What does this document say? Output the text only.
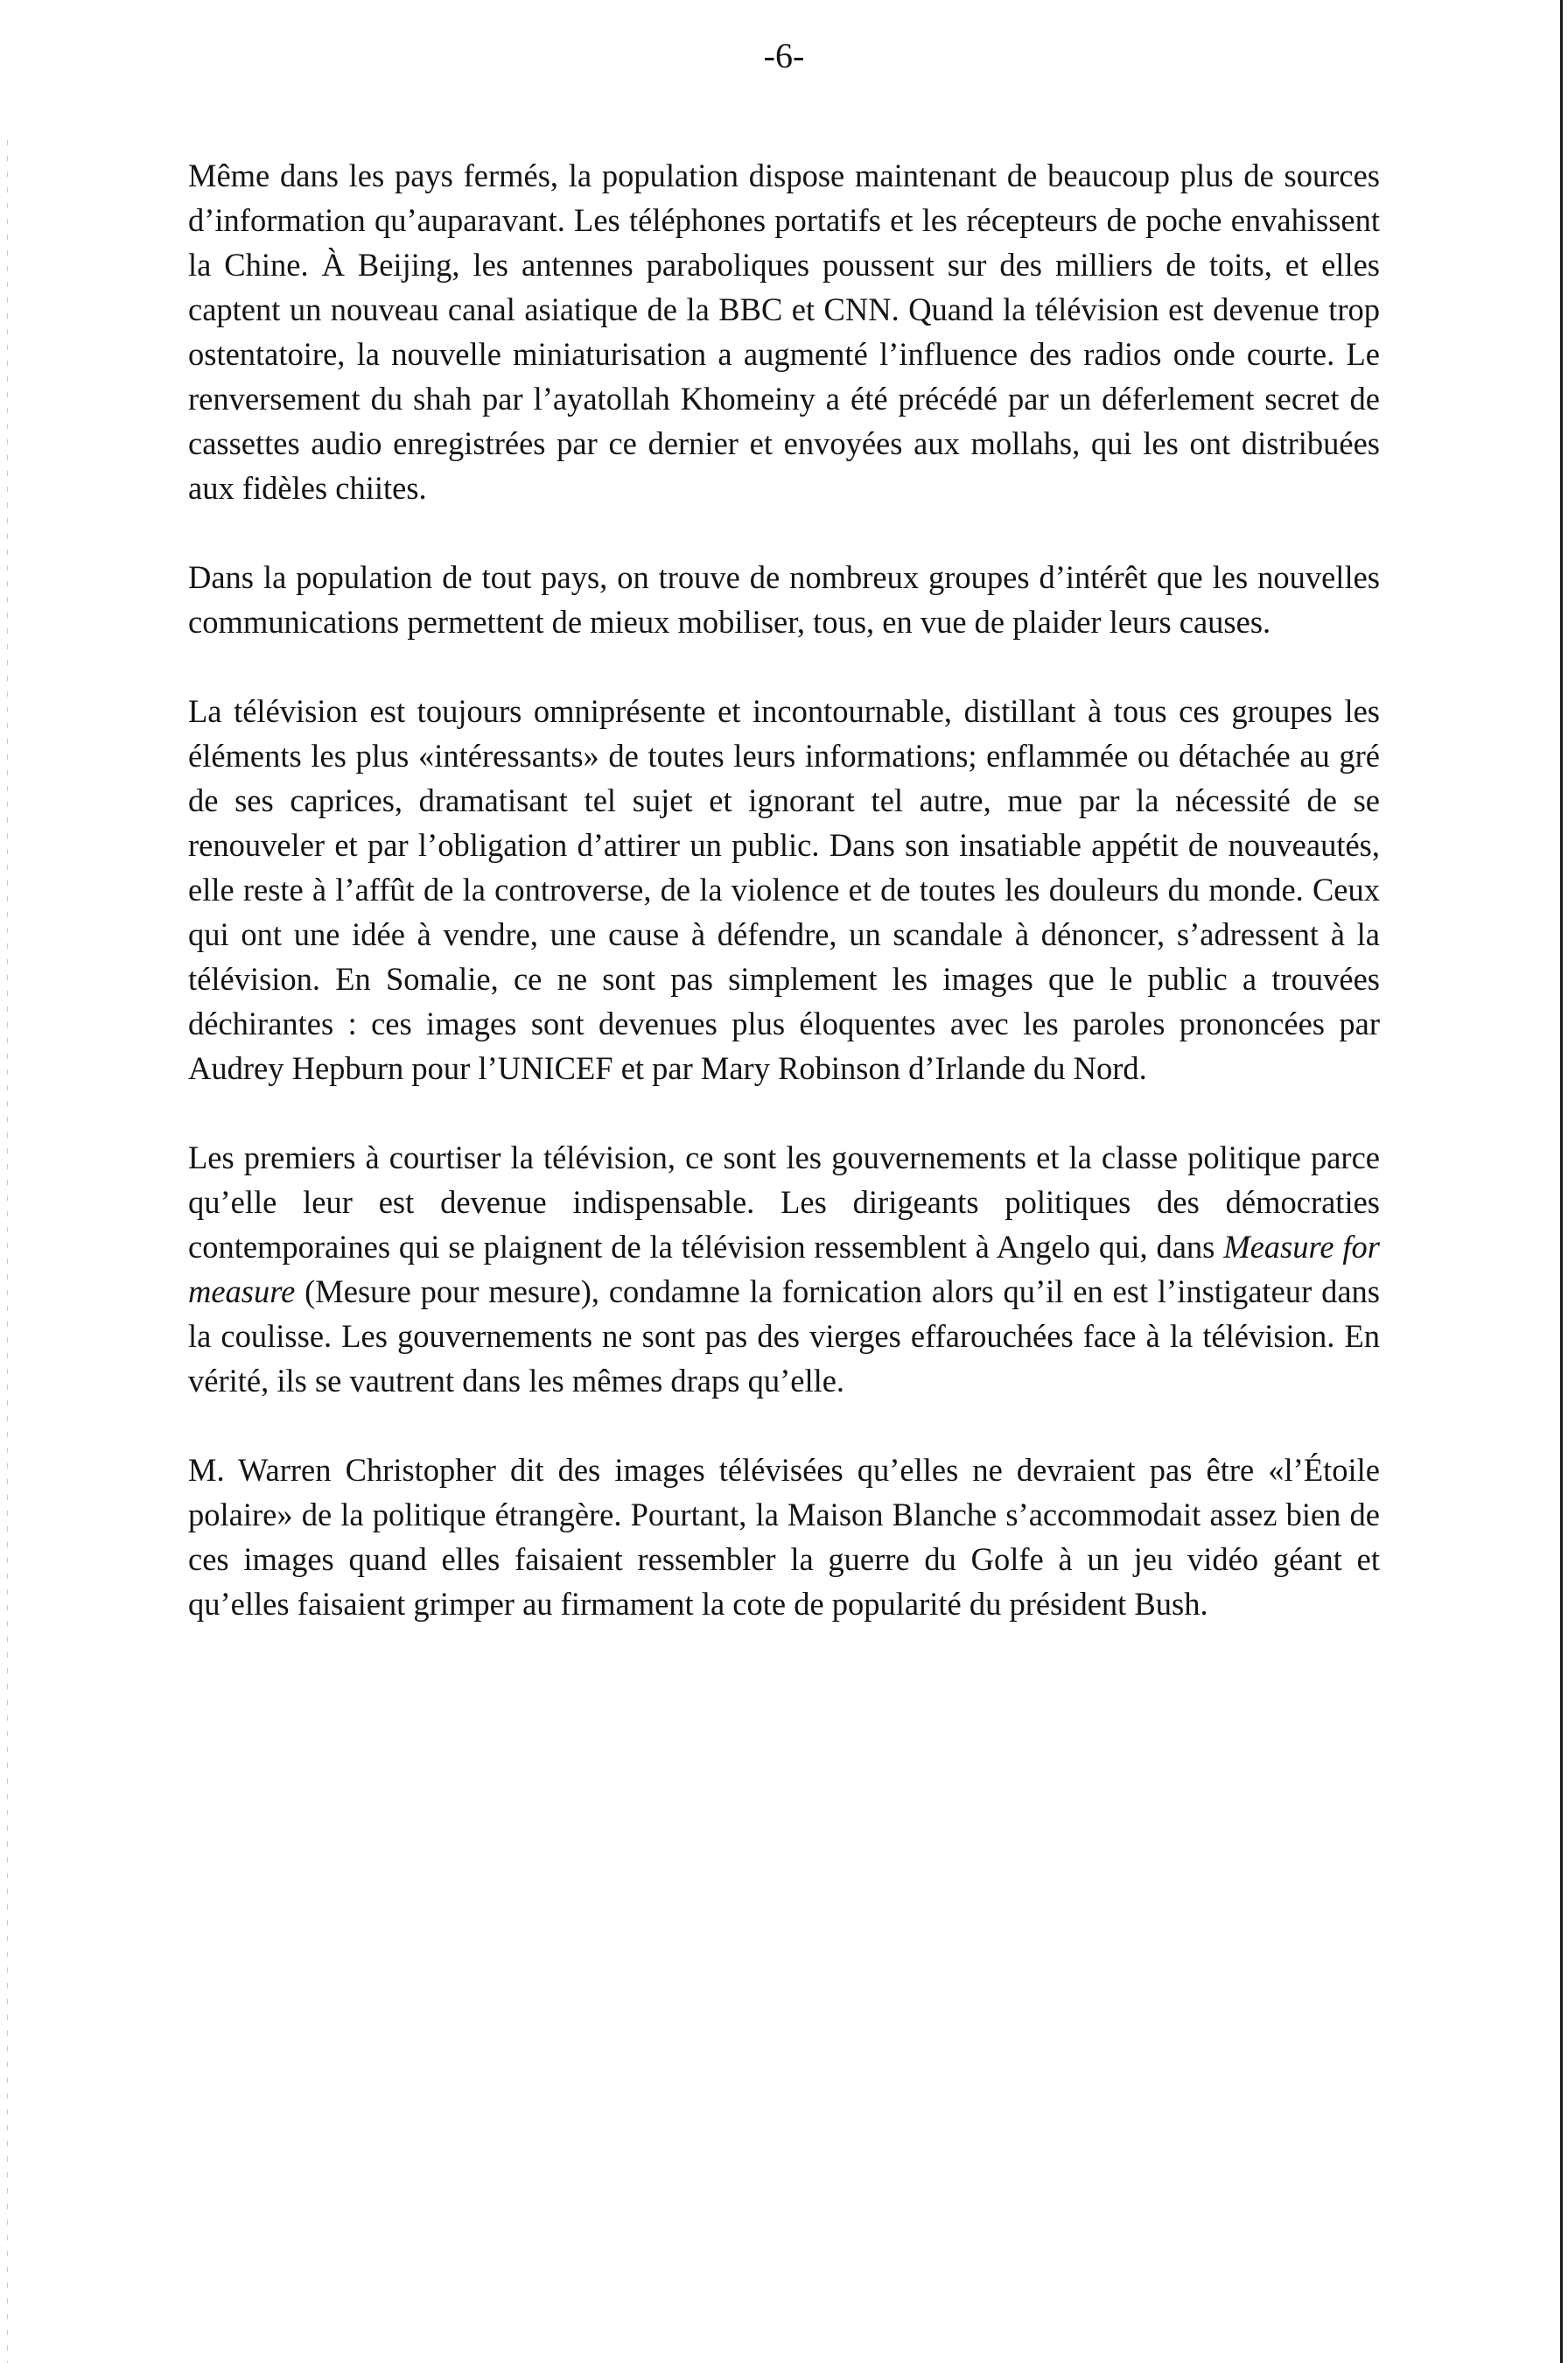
-6-

Même dans les pays fermés, la population dispose maintenant de beaucoup plus de sources d’information qu’auparavant. Les téléphones portatifs et les récepteurs de poche envahissent la Chine. À Beijing, les antennes paraboliques poussent sur des milliers de toits, et elles captent un nouveau canal asiatique de la BBC et CNN. Quand la télévision est devenue trop ostentatoire, la nouvelle miniaturisation a augmenté l’influence des radios onde courte. Le renversement du shah par l’ayatollah Khomeiny a été précédé par un déferlement secret de cassettes audio enregistrées par ce dernier et envoyées aux mollahs, qui les ont distribuées aux fidèles chiites.

Dans la population de tout pays, on trouve de nombreux groupes d’intérêt que les nouvelles communications permettent de mieux mobiliser, tous, en vue de plaider leurs causes.

La télévision est toujours omniprésente et incontournable, distillant à tous ces groupes les éléments les plus «intéressants» de toutes leurs informations; enflammée ou détachée au gré de ses caprices, dramatisant tel sujet et ignorant tel autre, mue par la nécessité de se renouveler et par l’obligation d’attirer un public. Dans son insatiable appétit de nouveautés, elle reste à l’affût de la controverse, de la violence et de toutes les douleurs du monde. Ceux qui ont une idée à vendre, une cause à défendre, un scandale à dénoncer, s’adressent à la télévision. En Somalie, ce ne sont pas simplement les images que le public a trouvées déchirantes : ces images sont devenues plus éloquentes avec les paroles prononcées par Audrey Hepburn pour l’UNICEF et par Mary Robinson d’Irlande du Nord.

Les premiers à courtiser la télévision, ce sont les gouvernements et la classe politique parce qu’elle leur est devenue indispensable. Les dirigeants politiques des démocraties contemporaines qui se plaignent de la télévision ressemblent à Angelo qui, dans Measure for measure (Mesure pour mesure), condamne la fornication alors qu’il en est l’instigateur dans la coulisse. Les gouvernements ne sont pas des vierges effarouchées face à la télévision. En vérité, ils se vautrent dans les mêmes draps qu’elle.

M. Warren Christopher dit des images télévisées qu’elles ne devraient pas être «l’Étoile polaire» de la politique étrangère. Pourtant, la Maison Blanche s’accommodait assez bien de ces images quand elles faisaient ressembler la guerre du Golfe à un jeu vidéo géant et qu’elles faisaient grimper au firmament la cote de popularité du président Bush.
